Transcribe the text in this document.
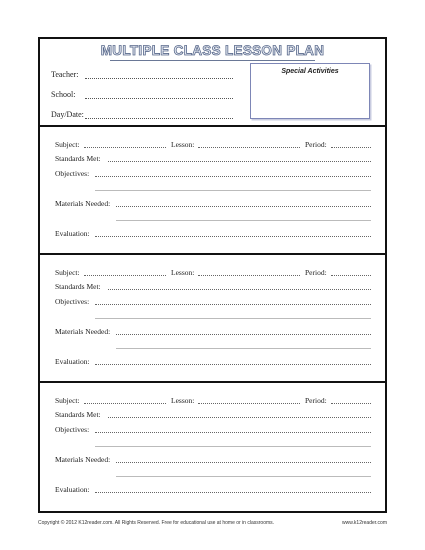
MULTIPLE CLASS LESSON PLAN
Teacher:
School:
Day/Date:
Special Activities
Subject:	Lesson:	Period:
Standards Met:
Objectives:
Materials Needed:
Evaluation:
Subject:	Lesson:	Period:
Standards Met:
Objectives:
Materials Needed:
Evaluation:
Subject:	Lesson:	Period:
Standards Met:
Objectives:
Materials Needed:
Evaluation:
Copyright © 2012 K12reader.com. All Rights Reserved. Free for educational use at home or in classrooms.	www.k12reader.com
